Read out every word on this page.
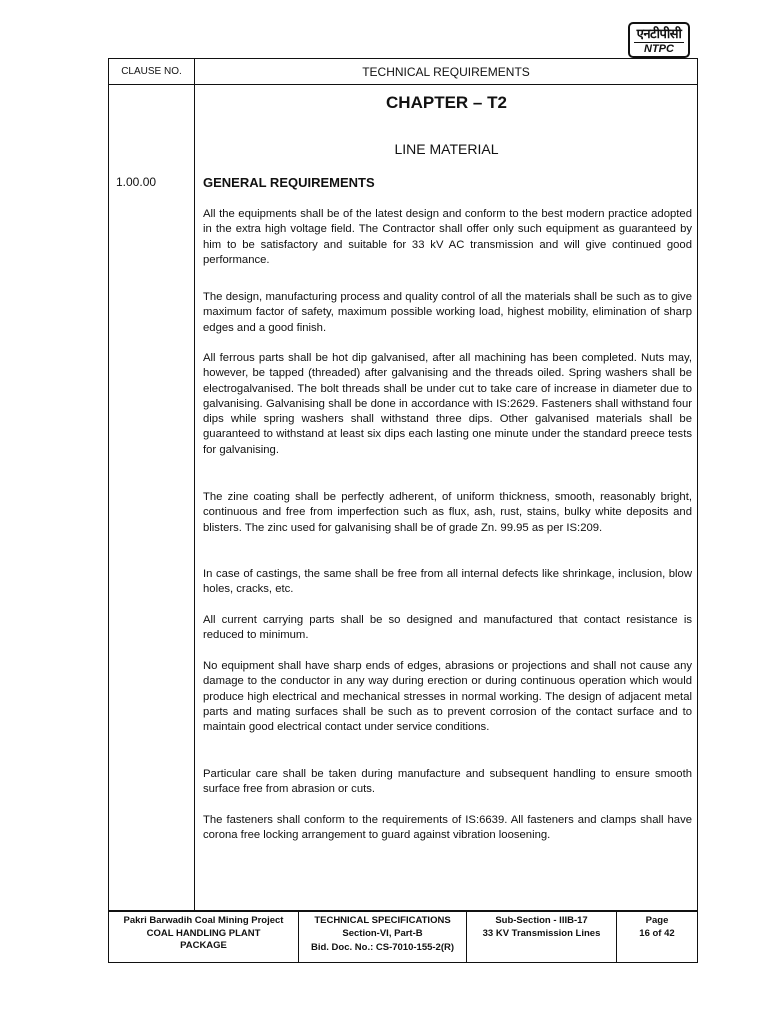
एनटीपीसी
NTPC
CLAUSE NO.	TECHNICAL REQUIREMENTS
CHAPTER – T2
LINE MATERIAL
1.00.00	GENERAL REQUIREMENTS

All the equipments shall be of the latest design and conform to the best modern practice adopted in the extra high voltage field. The Contractor shall offer only such equipment as guaranteed by him to be satisfactory and suitable for 33 kV AC transmission and will give continued good performance.

The design, manufacturing process and quality control of all the materials shall be such as to give maximum factor of safety, maximum possible working load, highest mobility, elimination of sharp edges and a good finish.

All ferrous parts shall be hot dip galvanised, after all machining has been completed. Nuts may, however, be tapped (threaded) after galvanising and the threads oiled. Spring washers shall be electrogalvanised. The bolt threads shall be under cut to take care of increase in diameter due to galvanising. Galvanising shall be done in accordance with IS:2629. Fasteners shall withstand four dips while spring washers shall withstand three dips. Other galvanised materials shall be guaranteed to withstand at least six dips each lasting one minute under the standard preece tests for galvanising.

The zine coating shall be perfectly adherent, of uniform thickness, smooth, reasonably bright, continuous and free from imperfection such as flux, ash, rust, stains, bulky white deposits and blisters. The zinc used for galvanising shall be of grade Zn. 99.95 as per IS:209.

In case of castings, the same shall be free from all internal defects like shrinkage, inclusion, blow holes, cracks, etc.

All current carrying parts shall be so designed and manufactured that contact resistance is reduced to minimum.

No equipment shall have sharp ends of edges, abrasions or projections and shall not cause any damage to the conductor in any way during erection or during continuous operation which would produce high electrical and mechanical stresses in normal working. The design of adjacent metal parts and mating surfaces shall be such as to prevent corrosion of the contact surface and to maintain good electrical contact under service conditions.

Particular care shall be taken during manufacture and subsequent handling to ensure smooth surface free from abrasion or cuts.

The fasteners shall conform to the requirements of IS:6639. All fasteners and clamps shall have corona free locking arrangement to guard against vibration loosening.

Pakri Barwadih Coal Mining Project
COAL HANDLING PLANT
PACKAGE
TECHNICAL SPECIFICATIONS
Section-VI, Part-B
Bid. Doc. No.: CS-7010-155-2(R)
Sub-Section - IIIB-17
33 KV Transmission Lines
Page
16 of 42
